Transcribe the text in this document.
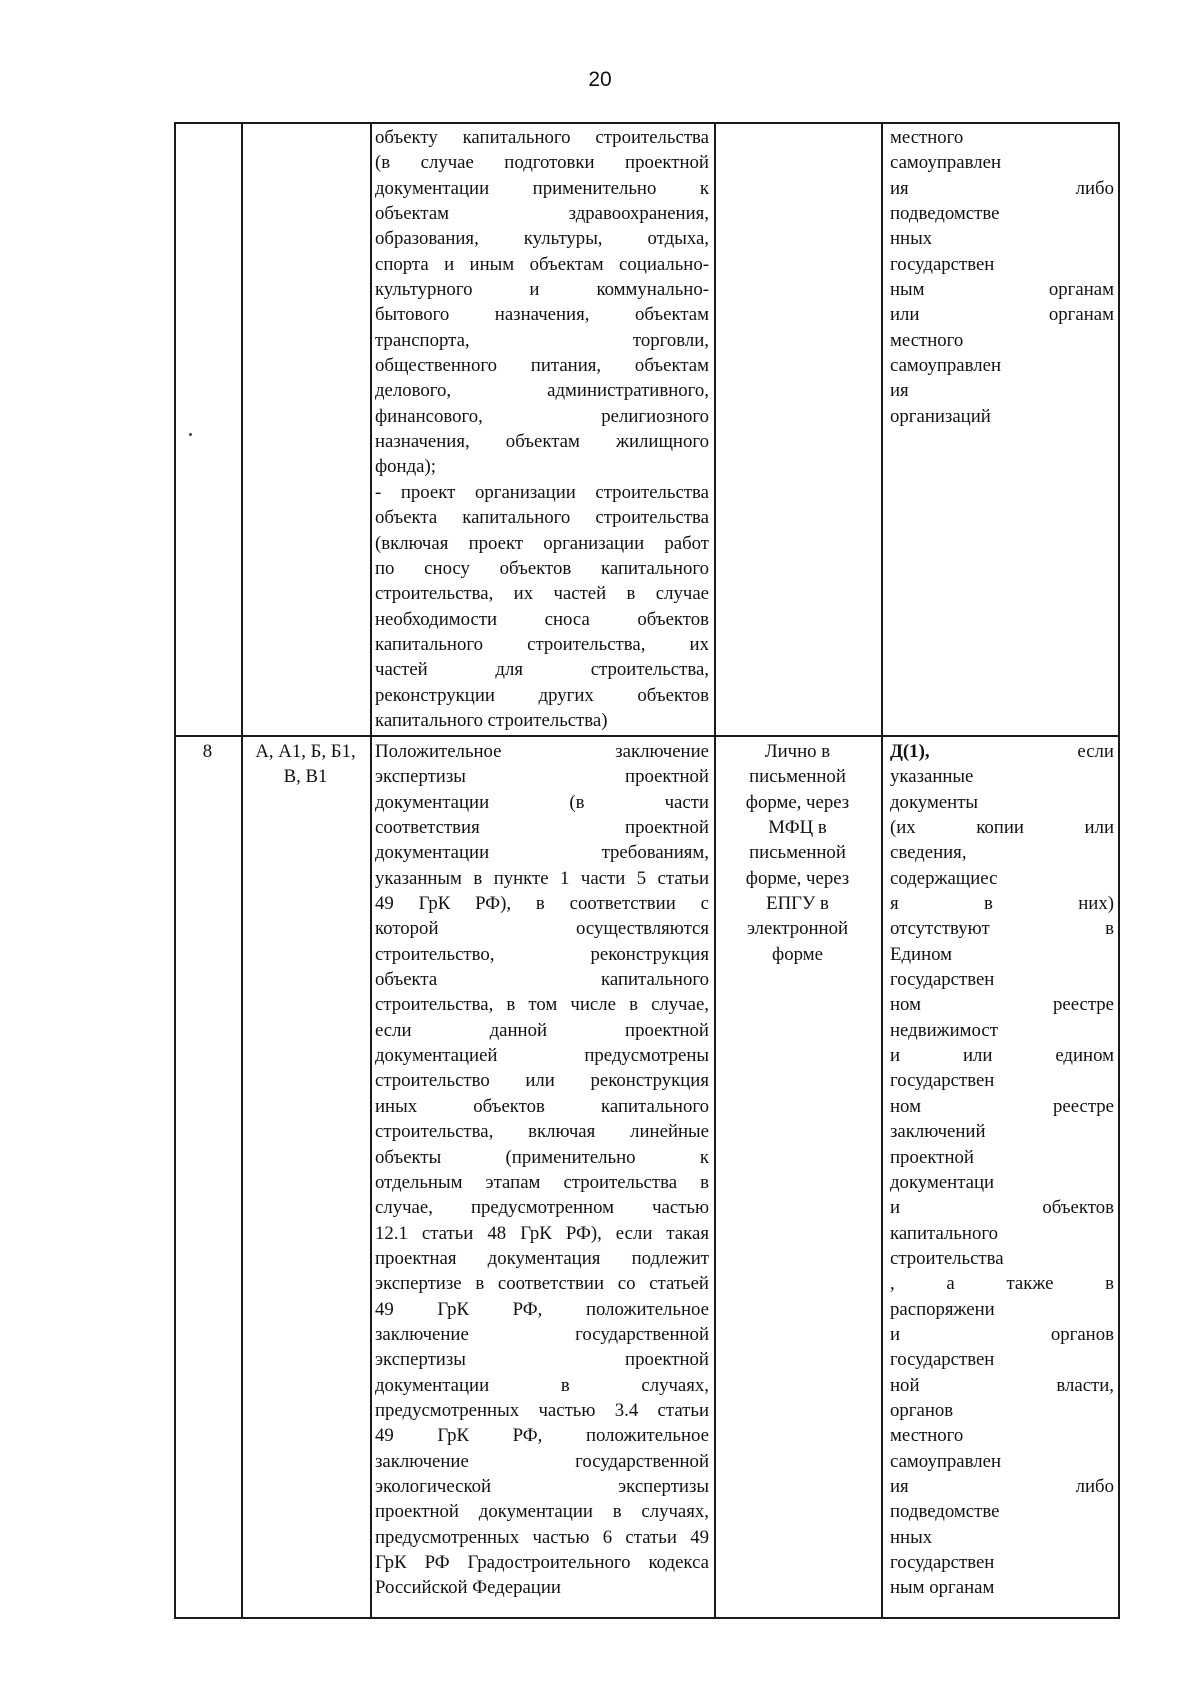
20
объекту капитального строительства
(в случае подготовки проектной
документации применительно к
объектам здравоохранения,
образования, культуры, отдыха,
спорта и иным объектам социально-
культурного и коммунально-
бытового назначения, объектам
транспорта, торговли,
общественного питания, объектам
делового, административного,
финансового, религиозного
назначения, объектам жилищного
фонда);
- проект организации строительства
объекта капитального строительства
(включая проект организации работ
по сносу объектов капитального
строительства, их частей в случае
необходимости сноса объектов
капитального строительства, их
частей для строительства,
реконструкции других объектов
капитального строительства)
местного
самоуправлен
ия либо
подведомстве
нных
государствен
ным органам
или органам
местного
самоуправлен
ия
организаций
8	А, А1, Б, Б1,
В, В1
Положительное заключение
экспертизы проектной
документации (в части
соответствия проектной
документации требованиям,
указанным в пункте 1 части 5 статьи
49 ГрК РФ), в соответствии с
которой осуществляются
строительство, реконструкция
объекта капитального
строительства, в том числе в случае,
если данной проектной
документацией предусмотрены
строительство или реконструкция
иных объектов капитального
строительства, включая линейные
объекты (применительно к
отдельным этапам строительства в
случае, предусмотренном частью
12.1 статьи 48 ГрК РФ), если такая
проектная документация подлежит
экспертизе в соответствии со статьей
49 ГрК РФ, положительное
заключение государственной
экспертизы проектной
документации в случаях,
предусмотренных частью 3.4 статьи
49 ГрК РФ, положительное
заключение государственной
экологической экспертизы
проектной документации в случаях,
предусмотренных частью 6 статьи 49
ГрК РФ Градостроительного кодекса
Российской Федерации
Лично в
письменной
форме, через
МФЦ в
письменной
форме, через
ЕПГУ в
электронной
форме
Д(1),	если
указанные
документы
(их копии или
сведения,
содержащиес
я в них)
отсутствуют в
Едином
государствен
ном реестре
недвижимост
и или едином
государствен
ном реестре
заключений
проектной
документаци
и объектов
капитального
строительства
, а также в
распоряжени
и органов
государствен
ной власти,
органов
местного
самоуправлен
ия либо
подведомстве
нных
государствен
ным органам
